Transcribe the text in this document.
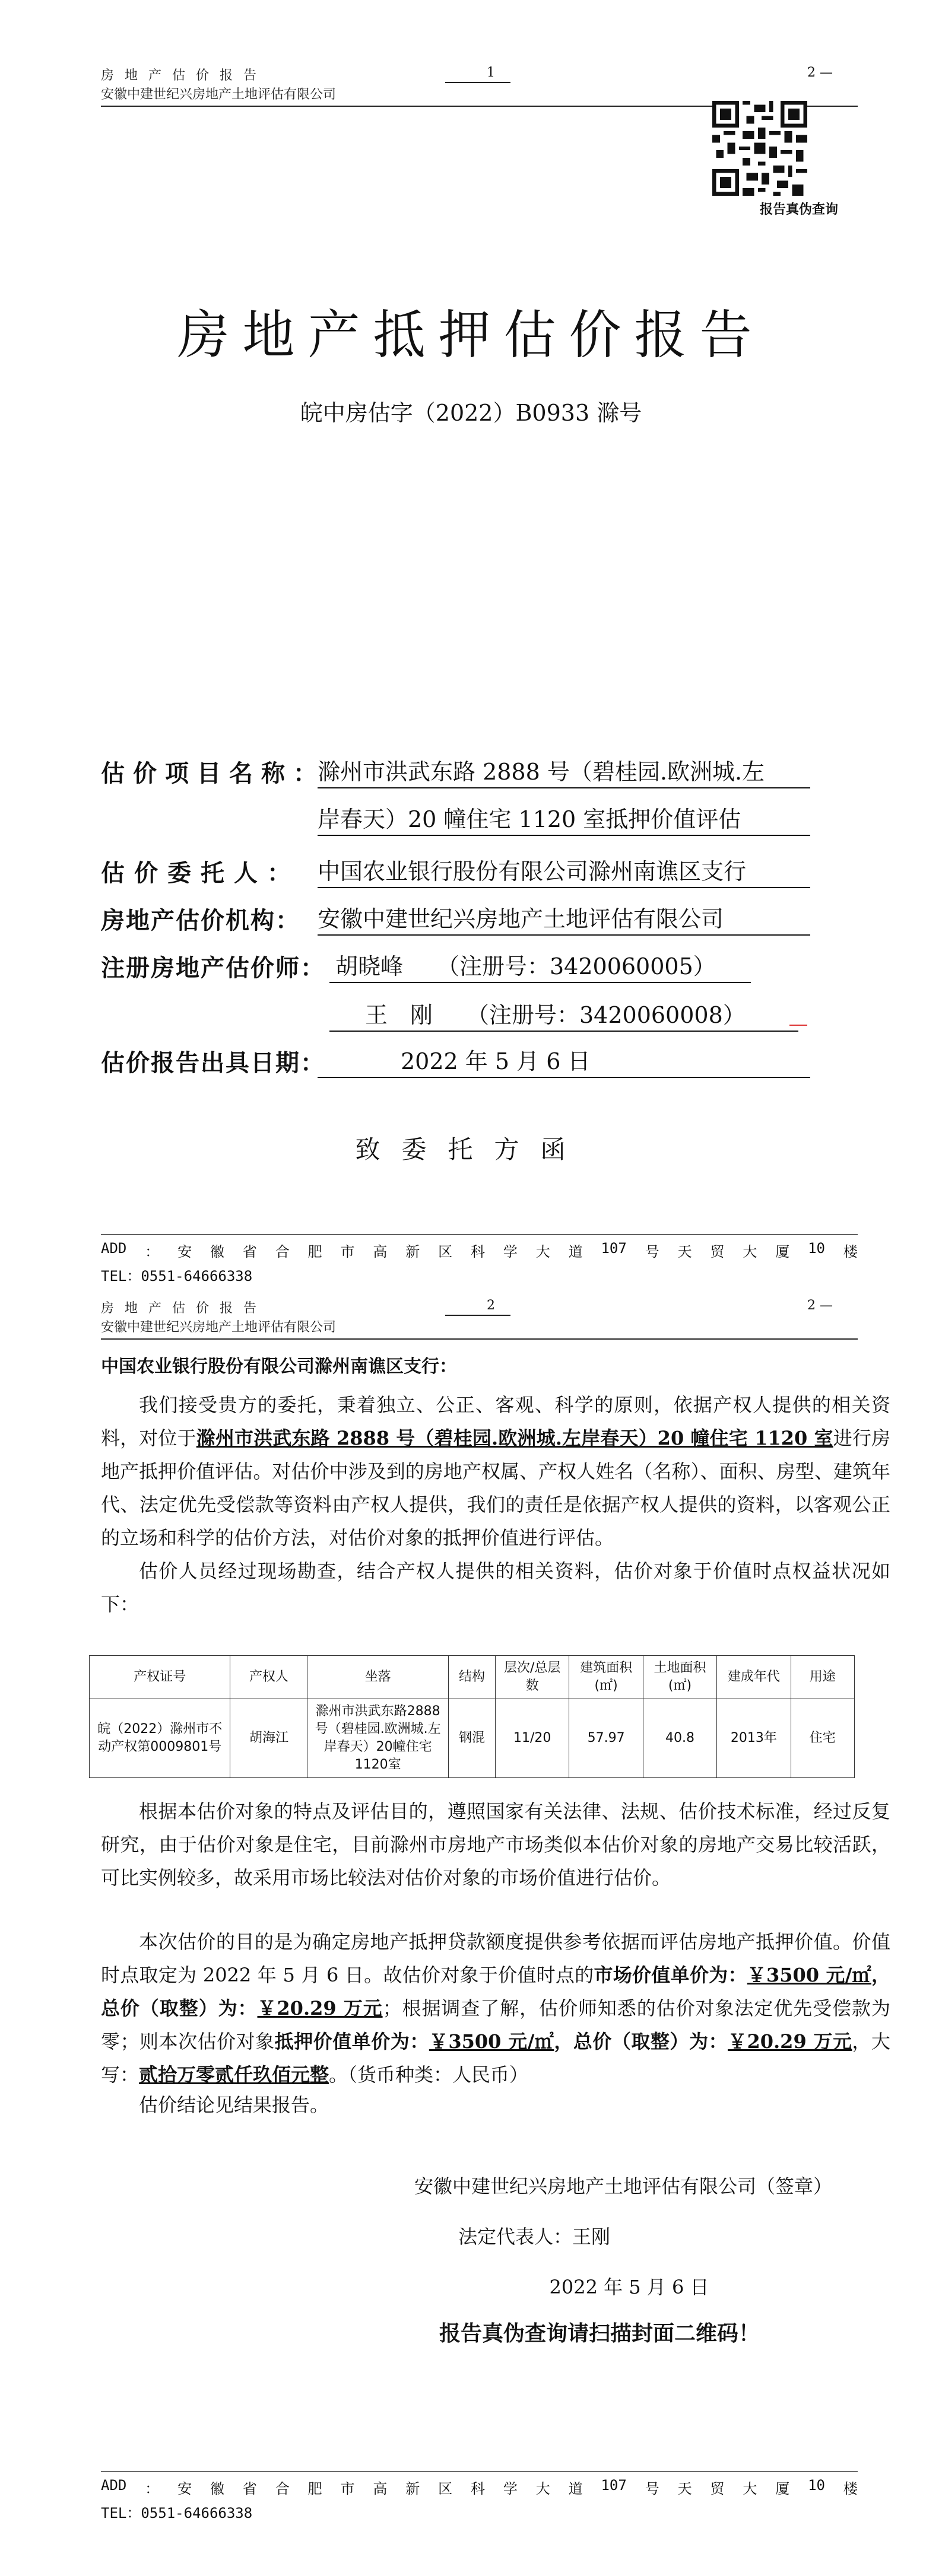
房地产估价报告	1	2 —
安徽中建世纪兴房地产土地评估有限公司
报告真伪查询
房地产抵押估价报告
皖中房估字（2022）B0933 滁号
估价项目名称：
滁州市洪武东路 2888 号（碧桂园.欧洲城.左
岸春天）20 幢住宅 1120 室抵押价值评估
估价委托人： 中国农业银行股份有限公司滁州南谯区支行
房地产估价机构： 安徽中建世纪兴房地产土地评估有限公司
注册房地产估价师： 胡晓峰　　（注册号：3420060005）
王　刚　　（注册号：3420060008）
估价报告出具日期：	2022 年 5 月 6 日
致委托方函
ADD ： 安 徽 省 合 肥 市 高 新 区 科 学 大 道 107 号 天 贸 大 厦 10 楼
TEL：0551-64666338
房地产估价报告	2	2 —
安徽中建世纪兴房地产土地评估有限公司
中国农业银行股份有限公司滁州南谯区支行：
我们接受贵方的委托，秉着独立、公正、客观、科学的原则，依据产权人提供的相关资料，对位于滁州市洪武东路 2888 号（碧桂园.欧洲城.左岸春天）20 幢住宅 1120 室进行房地产抵押价值评估。对估价中涉及到的房地产权属、产权人姓名（名称）、面积、房型、建筑年代、法定优先受偿款等资料由产权人提供，我们的责任是依据产权人提供的资料，以客观公正的立场和科学的估价方法，对估价对象的抵押价值进行评估。
估价人员经过现场勘查，结合产权人提供的相关资料，估价对象于价值时点权益状况如下：
产权证号	产权人	坐落	结构	层次/总层数	建筑面积(㎡)	土地面积(㎡)	建成年代	用途
皖（2022）滁州市不动产权第0009801号	胡海江	滁州市洪武东路2888号（碧桂园.欧洲城.左岸春天）20幢住宅1120室	钢混	11/20	57.97	40.8	2013年	住宅
根据本估价对象的特点及评估目的，遵照国家有关法律、法规、估价技术标准，经过反复研究，由于估价对象是住宅，目前滁州市房地产市场类似本估价对象的房地产交易比较活跃，可比实例较多，故采用市场比较法对估价对象的市场价值进行估价。
本次估价的目的是为确定房地产抵押贷款额度提供参考依据而评估房地产抵押价值。价值时点取定为 2022 年 5 月 6 日。故估价对象于价值时点的市场价值单价为：￥3500 元/㎡，总价（取整）为：￥20.29 万元；根据调查了解，估价师知悉的估价对象法定优先受偿款为零；则本次估价对象抵押价值单价为：￥3500 元/㎡，总价（取整）为：￥20.29 万元，大写：贰拾万零贰仟玖佰元整。（货币种类：人民币）
估价结论见结果报告。
安徽中建世纪兴房地产土地评估有限公司（签章）
法定代表人：王刚
2022 年 5 月 6 日
报告真伪查询请扫描封面二维码！
ADD ： 安 徽 省 合 肥 市 高 新 区 科 学 大 道 107 号 天 贸 大 厦 10 楼
TEL：0551-64666338
